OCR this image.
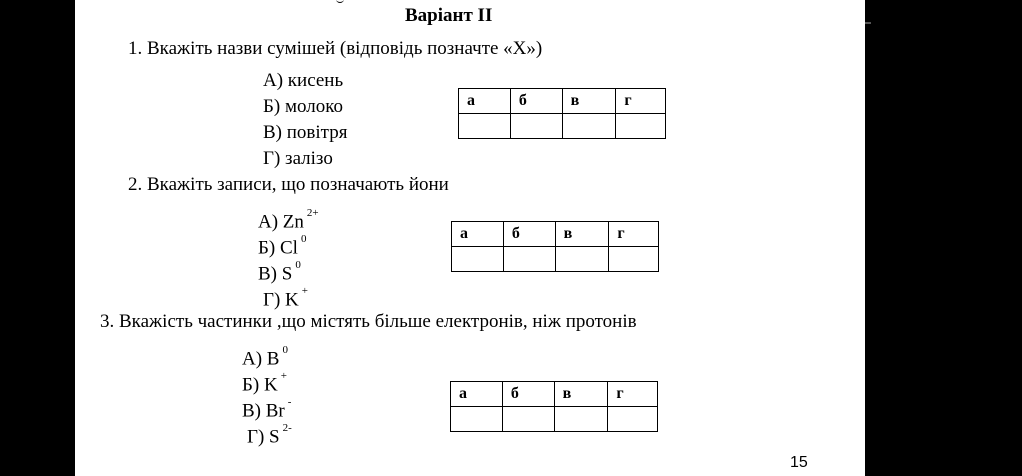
Варіант ІІ
1. Вкажіть назви сумішей (відповідь позначте «Х»)
А) кисень
Б) молоко
В) повітря
Г) залізо
а	б	в	г

2. Вкажіть записи, що позначають йони
А) Zn $^{2+}$
Б) Cl $^0$
В) S $^0$
Г) K +
а	б	в	г

3. Вкажість частинки ,що містять більше електронів, ніж протонів
А) B $^0$
Б) K +
В) Br -
Г) S $^{2-}$
а	б	в	г

15
